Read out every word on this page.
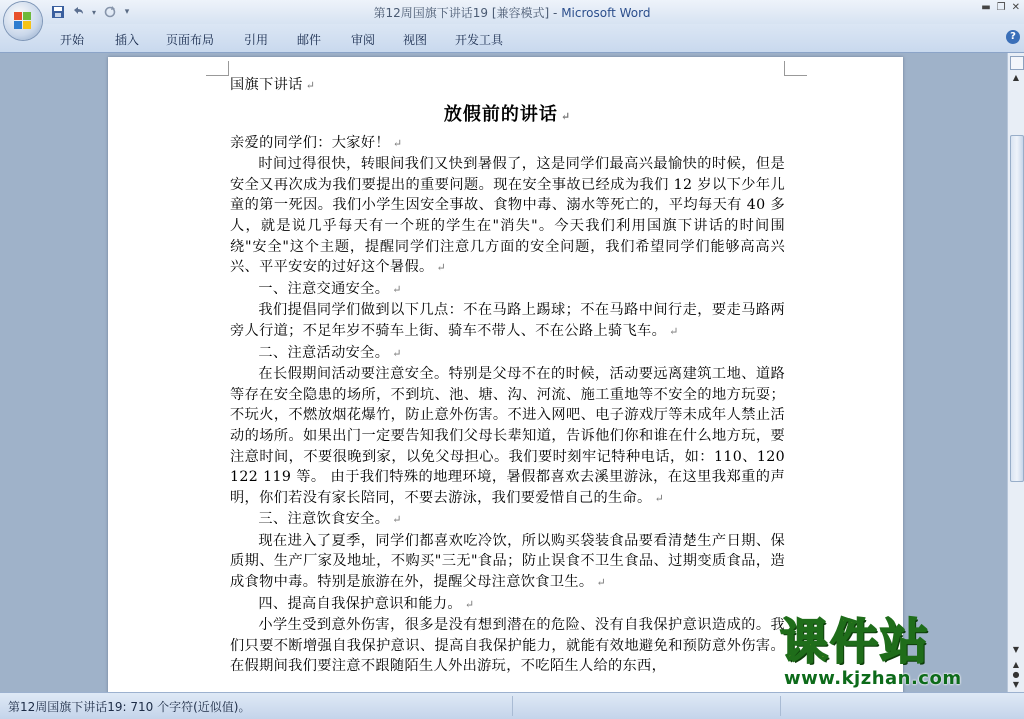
▾	▾	第12周国旗下讲话19 [兼容模式] - Microsoft Word	▬ ❐ ✕
开始	插入 页面布局 引用 邮件 审阅 视图 开发工具	?

国旗下讲话 ↵

放假前的讲话 ↵

亲爱的同学们：大家好！ ↵

时间过得很快，转眼间我们又快到暑假了，这是同学们最高兴最愉快的时候，但是安全又再次成为我们要提出的重要问题。现在安全事故已经成为我们 12 岁以下少年儿童的第一死因。我们小学生因安全事故、食物中毒、溺水等死亡的，平均每天有 40 多人，就是说几乎每天有一个班的学生在"消失"。今天我们利用国旗下讲话的时间围绕"安全"这个主题，提醒同学们注意几方面的安全问题，我们希望同学们能够高高兴兴、平平安安的过好这个暑假。 ↵

一、注意交通安全。 ↵

我们提倡同学们做到以下几点：不在马路上踢球；不在马路中间行走，要走马路两旁人行道；不足年岁不骑车上街、骑车不带人、不在公路上骑飞车。 ↵

二、注意活动安全。 ↵

在长假期间活动要注意安全。特别是父母不在的时候，活动要远离建筑工地、道路等存在安全隐患的场所，不到坑、池、塘、沟、河流、施工重地等不安全的地方玩耍；不玩火，不燃放烟花爆竹，防止意外伤害。不进入网吧、电子游戏厅等未成年人禁止活动的场所。如果出门一定要告知我们父母长辈知道，告诉他们你和谁在什么地方玩，要注意时间，不要很晚到家，以免父母担心。我们要时刻牢记特种电话，如：110、120 122 119 等。 由于我们特殊的地理环境，暑假都喜欢去溪里游泳，在这里我郑重的声明，你们若没有家长陪同，不要去游泳，我们要爱惜自己的生命。 ↵

三、注意饮食安全。 ↵

现在进入了夏季，同学们都喜欢吃冷饮，所以购买袋装食品要看清楚生产日期、保质期、生产厂家及地址，不购买"三无"食品；防止误食不卫生食品、过期变质食品，造成食物中毒。特别是旅游在外，提醒父母注意饮食卫生。 ↵

四、提高自我保护意识和能力。 ↵

小学生受到意外伤害，很多是没有想到潜在的危险、没有自我保护意识造成的。我们只要不断增强自我保护意识、提高自我保护能力，就能有效地避免和预防意外伤害。在假期间我们要注意不跟随陌生人外出游玩，不吃陌生人给的东西，

▲
▼
▲
●
▼
第12周国旗下讲话19: 710 个字符(近似值)。
课件站
www.kjzhan.com
